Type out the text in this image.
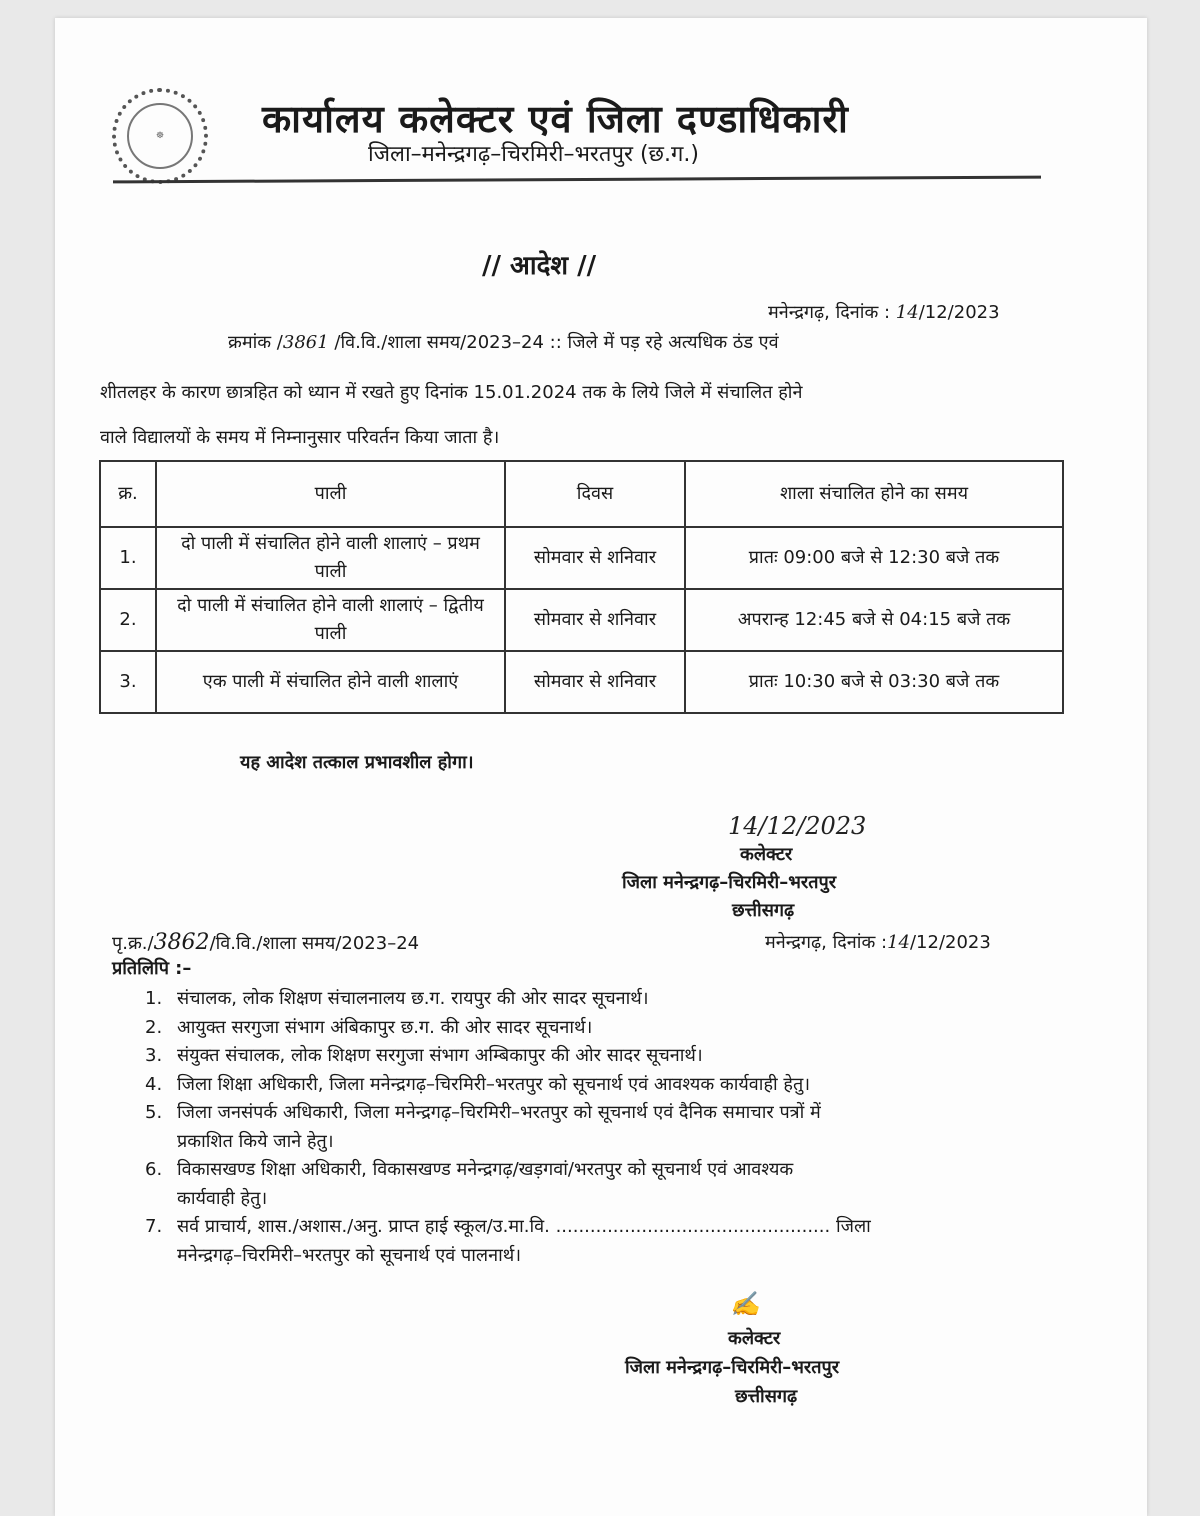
☸	कार्यालय कलेक्टर एवं जिला दण्डाधिकारी
जिला–मनेन्द्रगढ़–चिरमिरी–भरतपुर (छ.ग.)
// आदेश //
मनेन्द्रगढ़, दिनांक : 14/12/2023
क्रमांक /3861 /वि.वि./शाला समय/2023–24 :: जिले में पड़ रहे अत्यधिक ठंड एवं
शीतलहर के कारण छात्रहित को ध्यान में रखते हुए दिनांक 15.01.2024 तक के लिये जिले में संचालित होने
वाले विद्यालयों के समय में निम्नानुसार परिवर्तन किया जाता है।
क्र.	पाली	दिवस	शाला संचालित होने का समय
1.	दो पाली में संचालित होने वाली शालाएं – प्रथम पाली	सोमवार से शनिवार	प्रातः 09:00 बजे से 12:30 बजे तक
2.	दो पाली में संचालित होने वाली शालाएं – द्वितीय पाली	सोमवार से शनिवार	अपरान्ह 12:45 बजे से 04:15 बजे तक
3.	एक पाली में संचालित होने वाली शालाएं	सोमवार से शनिवार	प्रातः 10:30 बजे से 03:30 बजे तक
यह आदेश तत्काल प्रभावशील होगा।
14/12/2023
कलेक्टर
जिला मनेन्द्रगढ़–चिरमिरी–भरतपुर
छत्तीसगढ़
पृ.क्र./3862/वि.वि./शाला समय/2023–24	मनेन्द्रगढ़, दिनांक :14/12/2023
प्रतिलिपि :–
1. संचालक, लोक शिक्षण संचालनालय छ.ग. रायपुर की ओर सादर सूचनार्थ।
2. आयुक्त सरगुजा संभाग अंबिकापुर छ.ग. की ओर सादर सूचनार्थ।
3. संयुक्त संचालक, लोक शिक्षण सरगुजा संभाग अम्बिकापुर की ओर सादर सूचनार्थ।
4. जिला शिक्षा अधिकारी, जिला मनेन्द्रगढ़–चिरमिरी–भरतपुर को सूचनार्थ एवं आवश्यक कार्यवाही हेतु।
5. जिला जनसंपर्क अधिकारी, जिला मनेन्द्रगढ़–चिरमिरी–भरतपुर को सूचनार्थ एवं दैनिक समाचार पत्रों में
प्रकाशित किये जाने हेतु।
6. विकासखण्ड शिक्षा अधिकारी, विकासखण्ड मनेन्द्रगढ़/खड़गवां/भरतपुर को सूचनार्थ एवं आवश्यक
कार्यवाही हेतु।
7. सर्व प्राचार्य, शास./अशास./अनु. प्राप्त हाई स्कूल/उ.मा.वि. ................................................ जिला
मनेन्द्रगढ़–चिरमिरी–भरतपुर को सूचनार्थ एवं पालनार्थ।
✍
कलेक्टर
जिला मनेन्द्रगढ़–चिरमिरी–भरतपुर
छत्तीसगढ़
